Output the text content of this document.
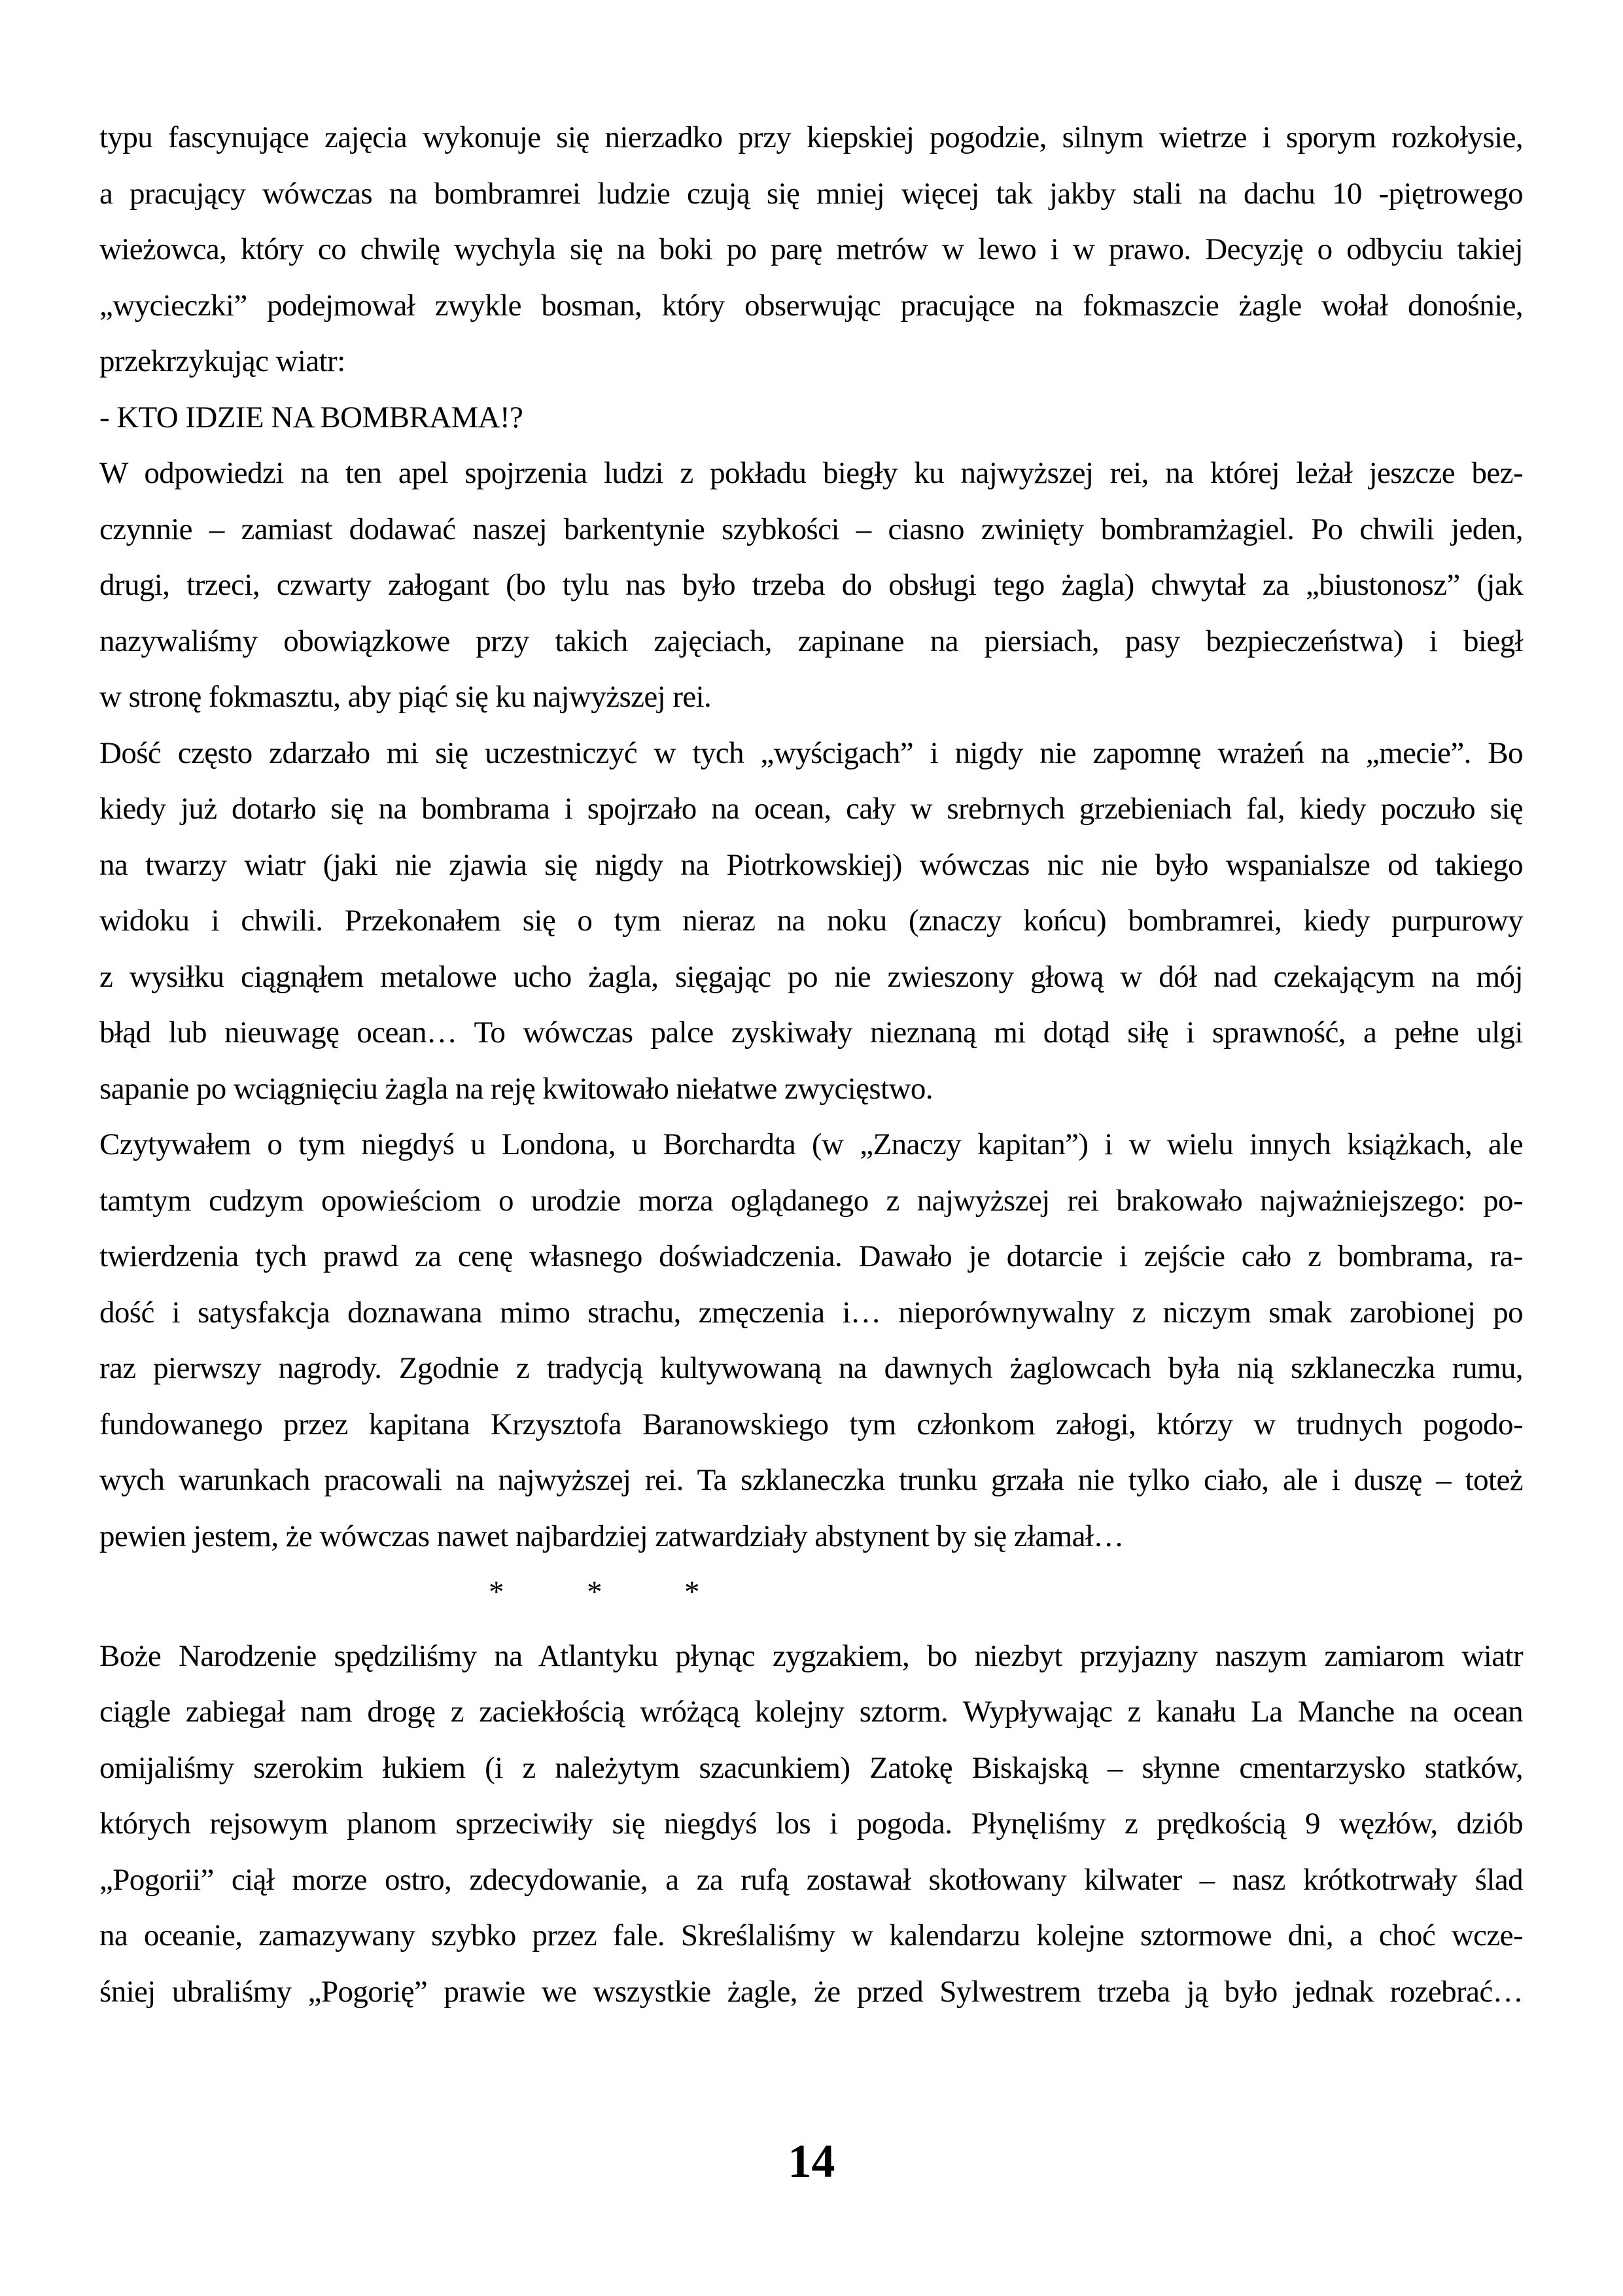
typu fascynujące zajęcia wykonuje się nierzadko przy kiepskiej pogodzie, silnym wietrze i sporym rozkołysie,
a pracujący wówczas na bombramrei ludzie czują się mniej więcej tak jakby stali na dachu 10 -piętrowego
wieżowca, który co chwilę wychyla się na boki po parę metrów w lewo i w prawo. Decyzję o odbyciu takiej
„wycieczki” podejmował zwykle bosman, który obserwując pracujące na fokmaszcie żagle wołał donośnie,
przekrzykując wiatr:
- KTO IDZIE NA BOMBRAMA!?
W odpowiedzi na ten apel spojrzenia ludzi z pokładu biegły ku najwyższej rei, na której leżał jeszcze bez-
czynnie – zamiast dodawać naszej barkentynie szybkości – ciasno zwinięty bombramżagiel. Po chwili jeden,
drugi, trzeci, czwarty załogant (bo tylu nas było trzeba do obsługi tego żagla) chwytał za „biustonosz” (jak
nazywaliśmy obowiązkowe przy takich zajęciach, zapinane na piersiach, pasy bezpieczeństwa) i biegł
w stronę fokmasztu, aby piąć się ku najwyższej rei.
Dość często zdarzało mi się uczestniczyć w tych „wyścigach” i nigdy nie zapomnę wrażeń na „mecie”. Bo
kiedy już dotarło się na bombrama i spojrzało na ocean, cały w srebrnych grzebieniach fal, kiedy poczuło się
na twarzy wiatr (jaki nie zjawia się nigdy na Piotrkowskiej) wówczas nic nie było wspanialsze od takiego
widoku i chwili. Przekonałem się o tym nieraz na noku (znaczy końcu) bombramrei, kiedy purpurowy
z wysiłku ciągnąłem metalowe ucho żagla, sięgając po nie zwieszony głową w dół nad czekającym na mój
błąd lub nieuwagę ocean… To wówczas palce zyskiwały nieznaną mi dotąd siłę i sprawność, a pełne ulgi
sapanie po wciągnięciu żagla na reję kwitowało niełatwe zwycięstwo.
Czytywałem o tym niegdyś u Londona, u Borchardta (w „Znaczy kapitan”) i w wielu innych książkach, ale
tamtym cudzym opowieściom o urodzie morza oglądanego z najwyższej rei brakowało najważniejszego: po-
twierdzenia tych prawd za cenę własnego doświadczenia. Dawało je dotarcie i zejście cało z bombrama, ra-
dość i satysfakcja doznawana mimo strachu, zmęczenia i… nieporównywalny z niczym smak zarobionej po
raz pierwszy nagrody. Zgodnie z tradycją kultywowaną na dawnych żaglowcach była nią szklaneczka rumu,
fundowanego przez kapitana Krzysztofa Baranowskiego tym członkom załogi, którzy w trudnych pogodo-
wych warunkach pracowali na najwyższej rei. Ta szklaneczka trunku grzała nie tylko ciało, ale i duszę – toteż
pewien jestem, że wówczas nawet najbardziej zatwardziały abstynent by się złamał…
*	*	*
Boże Narodzenie spędziliśmy na Atlantyku płynąc zygzakiem, bo niezbyt przyjazny naszym zamiarom wiatr
ciągle zabiegał nam drogę z zaciekłością wróżącą kolejny sztorm. Wypływając z kanału La Manche na ocean
omijaliśmy szerokim łukiem (i z należytym szacunkiem) Zatokę Biskajską – słynne cmentarzysko statków,
których rejsowym planom sprzeciwiły się niegdyś los i pogoda. Płynęliśmy z prędkością 9 węzłów, dziób
„Pogorii” ciął morze ostro, zdecydowanie, a za rufą zostawał skotłowany kilwater – nasz krótkotrwały ślad
na oceanie, zamazywany szybko przez fale. Skreślaliśmy w kalendarzu kolejne sztormowe dni, a choć wcze-
śniej ubraliśmy „Pogorię” prawie we wszystkie żagle, że przed Sylwestrem trzeba ją było jednak rozebrać…
14
